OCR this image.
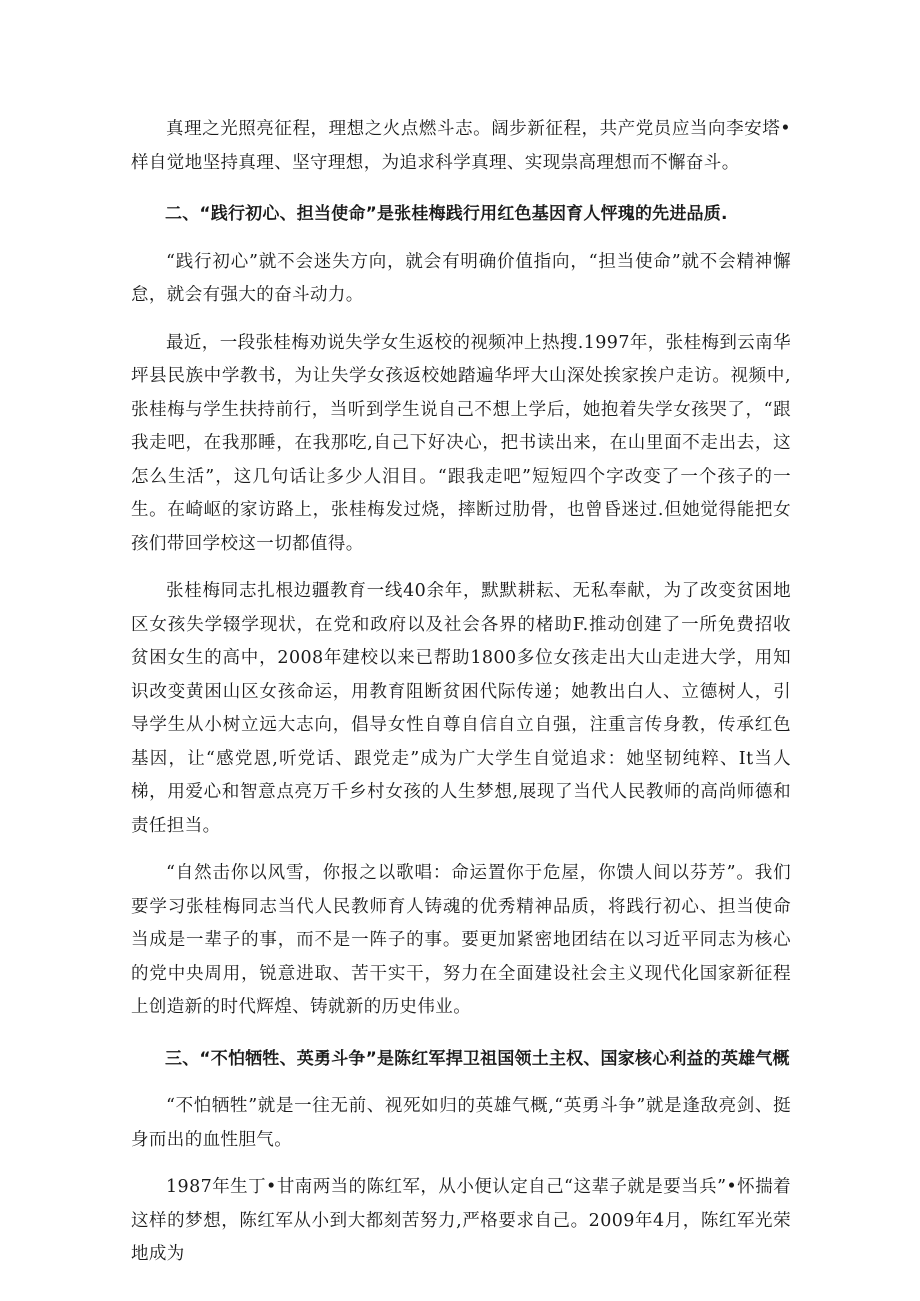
真理之光照亮征程，理想之火点燃斗志。阔步新征程，共产党员应当向李安塔•样自觉地坚持真理、坚守理想，为追求科学真理、实现祟高理想而不懈奋斗。

二、“践行初心、担当使命”是张桂梅践行用红色基因育人怦瑰的先进品质.

“践行初心”就不会迷失方向，就会有明确价值指向，“担当使命”就不会精神懈怠，就会有强大的奋斗动力。

最近，一段张桂梅劝说失学女生返校的视频冲上热搜.1997年，张桂梅到云南华坪县民族中学教书，为让失学女孩返校她踏遍华坪大山深处挨家挨户走访。视频中,张桂梅与学生扶持前行，当听到学生说自己不想上学后，她抱着失学女孩哭了，“跟我走吧，在我那睡，在我那吃,自己下好决心，把书读出来，在山里面不走出去，这怎么生活”，这几句话让多少人泪目。“跟我走吧”短短四个字改变了一个孩子的一生。在崎岖的家访路上，张桂梅发过烧，摔断过肋骨，也曾昏迷过.但她觉得能把女孩们带回学校这一切都值得。

张桂梅同志扎根边疆教育一线40余年，默默耕耘、无私奉献，为了改变贫困地区女孩失学辍学现状，在党和政府以及社会各界的楮助F.推动创建了一所免费招收贫困女生的高中，2008年建校以来已帮助1800多位女孩走出大山走进大学，用知识改变黄困山区女孩命运，用教育阻断贫困代际传递；她教出白人、立德树人，引导学生从小树立远大志向，倡导女性自尊自信自立自强，注重言传身教，传承红色基因，让“感党恩,听党话、跟党走”成为广大学生自觉追求：她坚韧纯粹、It当人梯，用爱心和智意点亮万千乡村女孩的人生梦想,展现了当代人民教师的高尚师德和责任担当。

“自然击你以风雪，你报之以歌唱：命运置你于危屋，你馈人间以芬芳”。我们要学习张桂梅同志当代人民教师育人铸魂的优秀精神品质，将践行初心、担当使命当成是一辈子的事，而不是一阵子的事。要更加紧密地团结在以习近平同志为核心的党中央周用，锐意进取、苦干实干，努力在全面建设社会主义现代化国家新征程上创造新的时代辉煌、铸就新的历史伟业。

三、“不怕牺牲、英勇斗争”是陈红军捍卫祖国领土主权、国家核心利益的英雄气概

“不怕牺牲”就是一往无前、视死如归的英雄气概,“英勇斗争”就是逢敌亮剑、挺身而出的血性胆气。

1987年生丁•甘南两当的陈红军，从小便认定自己“这辈子就是要当兵”•怀揣着这样的梦想，陈红军从小到大都刻苦努力,严格要求自己。2009年4月，陈红军光荣地成为
